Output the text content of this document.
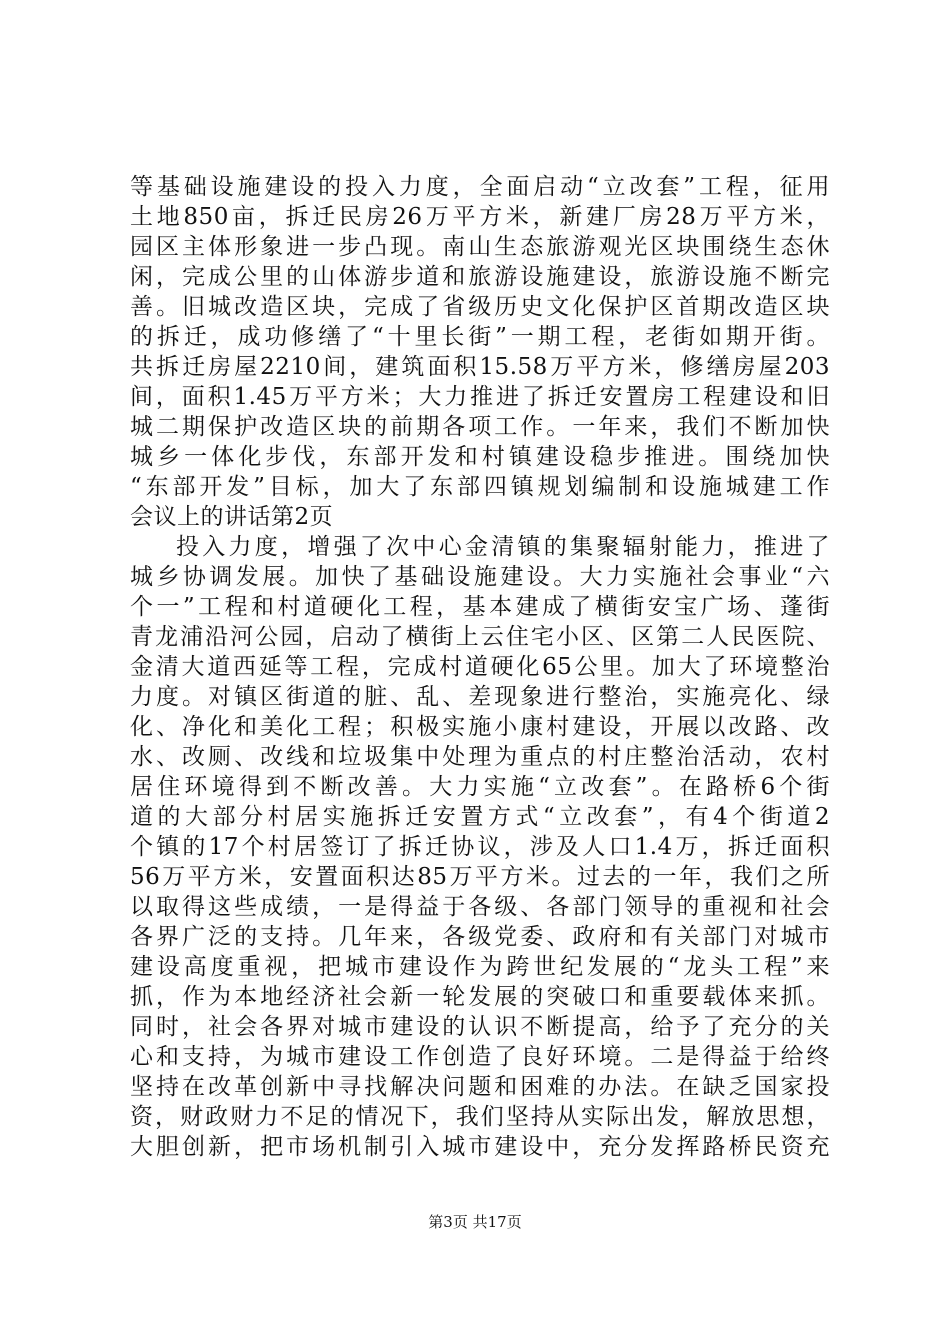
等基础设施建设的投入力度，全面启动“立改套”工程，征用
土地850亩，拆迁民房26万平方米，新建厂房28万平方米，
园区主体形象进一步凸现。南山生态旅游观光区块围绕生态休
闲，完成公里的山体游步道和旅游设施建设，旅游设施不断完
善。旧城改造区块，完成了省级历史文化保护区首期改造区块
的拆迁，成功修缮了“十里长街”一期工程，老街如期开街。
共拆迁房屋2210间，建筑面积15.58万平方米，修缮房屋203
间，面积1.45万平方米；大力推进了拆迁安置房工程建设和旧
城二期保护改造区块的前期各项工作。一年来，我们不断加快
城乡一体化步伐，东部开发和村镇建设稳步推进。围绕加快
“东部开发”目标，加大了东部四镇规划编制和设施城建工作
会议上的讲话第2页
投入力度，增强了次中心金清镇的集聚辐射能力，推进了
城乡协调发展。加快了基础设施建设。大力实施社会事业“六
个一”工程和村道硬化工程，基本建成了横街安宝广场、蓬街
青龙浦沿河公园，启动了横街上云住宅小区、区第二人民医院、
金清大道西延等工程，完成村道硬化65公里。加大了环境整治
力度。对镇区街道的脏、乱、差现象进行整治，实施亮化、绿
化、净化和美化工程；积极实施小康村建设，开展以改路、改
水、改厕、改线和垃圾集中处理为重点的村庄整治活动，农村
居住环境得到不断改善。大力实施“立改套”。在路桥6个街
道的大部分村居实施拆迁安置方式“立改套”，有4个街道2
个镇的17个村居签订了拆迁协议，涉及人口1.4万，拆迁面积
56万平方米，安置面积达85万平方米。过去的一年，我们之所
以取得这些成绩，一是得益于各级、各部门领导的重视和社会
各界广泛的支持。几年来，各级党委、政府和有关部门对城市
建设高度重视，把城市建设作为跨世纪发展的“龙头工程”来
抓，作为本地经济社会新一轮发展的突破口和重要载体来抓。
同时，社会各界对城市建设的认识不断提高，给予了充分的关
心和支持，为城市建设工作创造了良好环境。二是得益于给终
坚持在改革创新中寻找解决问题和困难的办法。在缺乏国家投
资，财政财力不足的情况下，我们坚持从实际出发，解放思想，
大胆创新，把市场机制引入城市建设中，充分发挥路桥民资充
第3页 共17页
